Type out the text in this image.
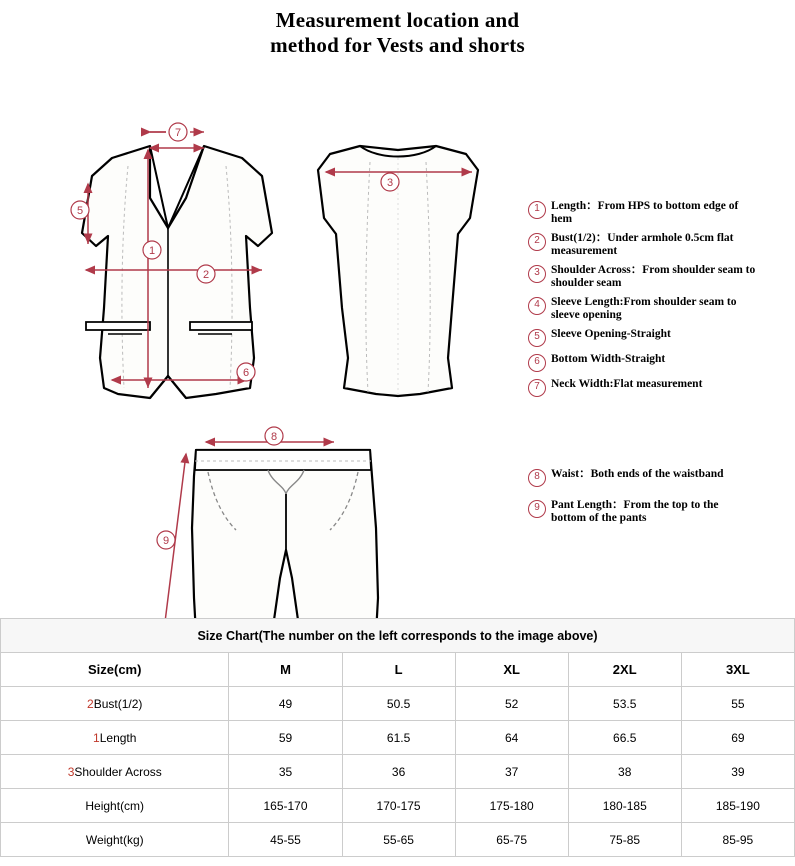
Measurement location and
method for Vests and shorts
7
5
1
2
6
3
8
9
1 Length：From HPS to bottom edge of hem
2 Bust(1/2)：Under armhole 0.5cm flat measurement
3 Shoulder Across：From shoulder seam to shoulder seam
4 Sleeve Length:From shoulder seam to sleeve opening
5 Sleeve Opening-Straight
6 Bottom Width-Straight
7 Neck Width:Flat measurement
8 Waist：Both ends of the waistband
9 Pant Length：From the top to the bottom of the pants
Size Chart(The number on the left corresponds to the image above)					
Size(cm)	M	L	XL	2XL	3XL
2Bust(1/2)	49	50.5	52	53.5	55
1Length	59	61.5	64	66.5	69
3Shoulder Across	35	36	37	38	39
Height(cm)	165-170	170-175	175-180	180-185	185-190
Weight(kg)	45-55	55-65	65-75	75-85	85-95
